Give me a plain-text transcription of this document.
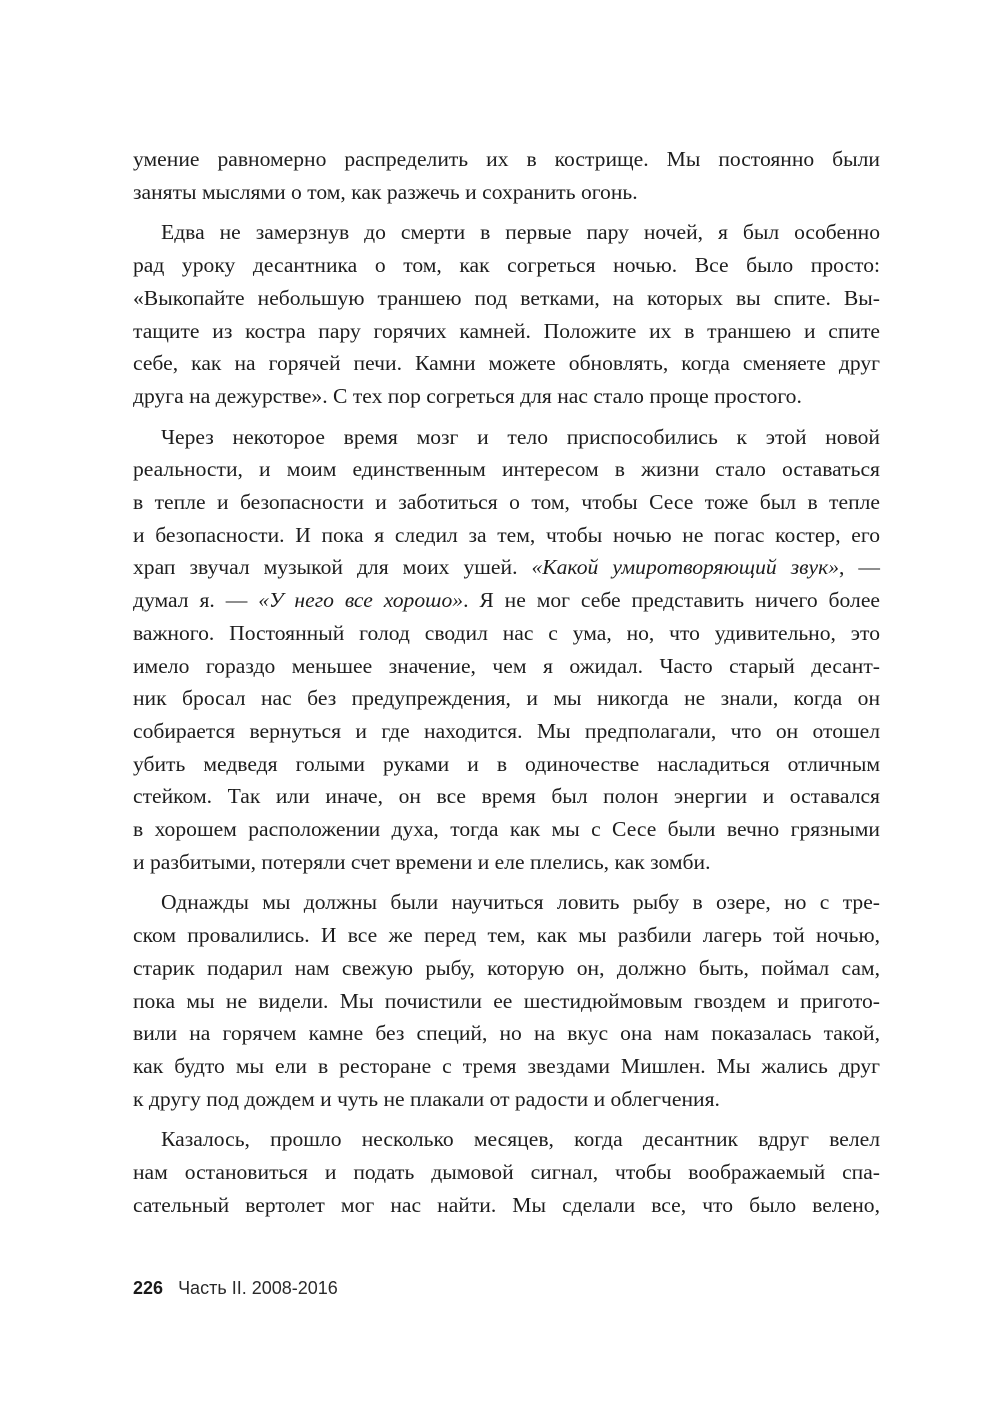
умение равномерно распределить их в кострище. Мы постоянно были
заняты мыслями о том, как разжечь и сохранить огонь.
Едва не замерзнув до смерти в первые пару ночей, я был особенно
рад уроку десантника о том, как согреться ночью. Все было просто:
«Выкопайте небольшую траншею под ветками, на которых вы спите. Вы-
тащите из костра пару горячих камней. Положите их в траншею и спите
себе, как на горячей печи. Камни можете обновлять, когда сменяете друг
друга на дежурстве». С тех пор согреться для нас стало проще простого.
Через некоторое время мозг и тело приспособились к этой новой
реальности, и моим единственным интересом в жизни стало оставаться
в тепле и безопасности и заботиться о том, чтобы Сесе тоже был в тепле
и безопасности. И пока я следил за тем, чтобы ночью не погас костер, его
храп звучал музыкой для моих ушей. «Какой умиротворяющий звук», —
думал я. — «У него все хорошо». Я не мог себе представить ничего более
важного. Постоянный голод сводил нас с ума, но, что удивительно, это
имело гораздо меньшее значение, чем я ожидал. Часто старый десант-
ник бросал нас без предупреждения, и мы никогда не знали, когда он
собирается вернуться и где находится. Мы предполагали, что он отошел
убить медведя голыми руками и в одиночестве насладиться отличным
стейком. Так или иначе, он все время был полон энергии и оставался
в хорошем расположении духа, тогда как мы с Сесе были вечно грязными
и разбитыми, потеряли счет времени и еле плелись, как зомби.
Однажды мы должны были научиться ловить рыбу в озере, но с тре-
ском провалились. И все же перед тем, как мы разбили лагерь той ночью,
старик подарил нам свежую рыбу, которую он, должно быть, поймал сам,
пока мы не видели. Мы почистили ее шестидюймовым гвоздем и пригото-
вили на горячем камне без специй, но на вкус она нам показалась такой,
как будто мы ели в ресторане с тремя звездами Мишлен. Мы жались друг
к другу под дождем и чуть не плакали от радости и облегчения.
Казалось, прошло несколько месяцев, когда десантник вдруг велел
нам остановиться и подать дымовой сигнал, чтобы воображаемый спа-
сательный вертолет мог нас найти. Мы сделали все, что было велено,
226 Часть II. 2008-2016
